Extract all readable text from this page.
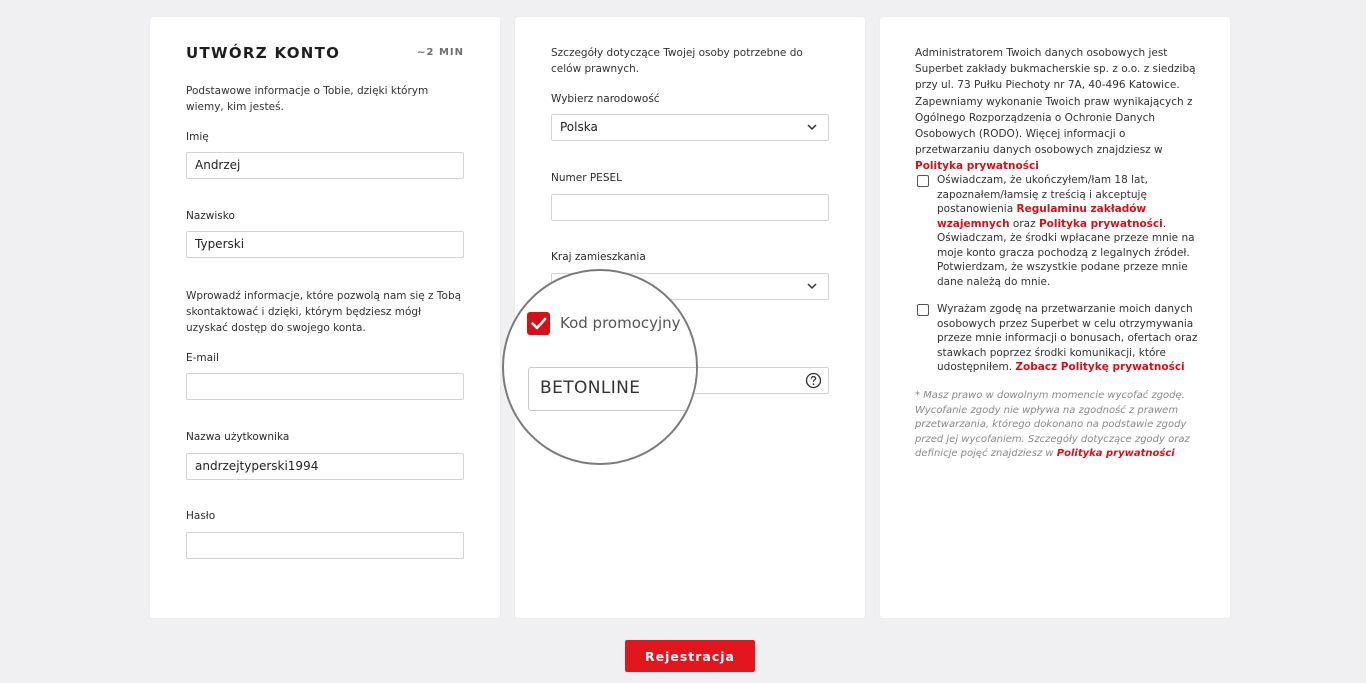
UTWÓRZ KONTO	~2 MIN
Podstawowe informacje o Tobie, dzięki którym wiemy, kim jesteś.
Imię
Andrzej
Nazwisko
Typerski
Wprowadź informacje, które pozwolą nam się z Tobą skontaktować i dzięki, którym będziesz mógł uzyskać dostęp do swojego konta.
E-mail
Nazwa użytkownika
andrzejtyperski1994
Hasło
Szczegóły dotyczące Twojej osoby potrzebne do celów prawnych.
Wybierz narodowość
Polska
Numer PESEL
Kraj zamieszkania
Kod promocyjny
BETONLINE
Administratorem Twoich danych osobowych jest Superbet zakłady bukmacherskie sp. z o.o. z siedzibą przy ul. 73 Pułku Piechoty nr 7A, 40-496 Katowice. Zapewniamy wykonanie Twoich praw wynikających z Ogólnego Rozporządzenia o Ochronie Danych Osobowych (RODO). Więcej informacji o przetwarzaniu danych osobowych znajdziesz w Polityka prywatności
Oświadczam, że ukończyłem/łam 18 lat, zapoznałem/łamsię z treścią i akceptuję postanowienia Regulaminu zakładów wzajemnych oraz Polityka prywatności. Oświadczam, że środki wpłacane przeze mnie na moje konto gracza pochodzą z legalnych źródeł. Potwierdzam, że wszystkie podane przeze mnie dane należą do mnie.
Wyrażam zgodę na przetwarzanie moich danych osobowych przez Superbet w celu otrzymywania przeze mnie informacji o bonusach, ofertach oraz stawkach poprzez środki komunikacji, które udostępniłem. Zobacz Politykę prywatności
* Masz prawo w dowolnym momencie wycofać zgodę. Wycofanie zgody nie wpływa na zgodność z prawem przetwarzania, którego dokonano na podstawie zgody przed jej wycofaniem. Szczegóły dotyczące zgody oraz definicje pojęć znajdziesz w Polityka prywatności
Rejestracja
